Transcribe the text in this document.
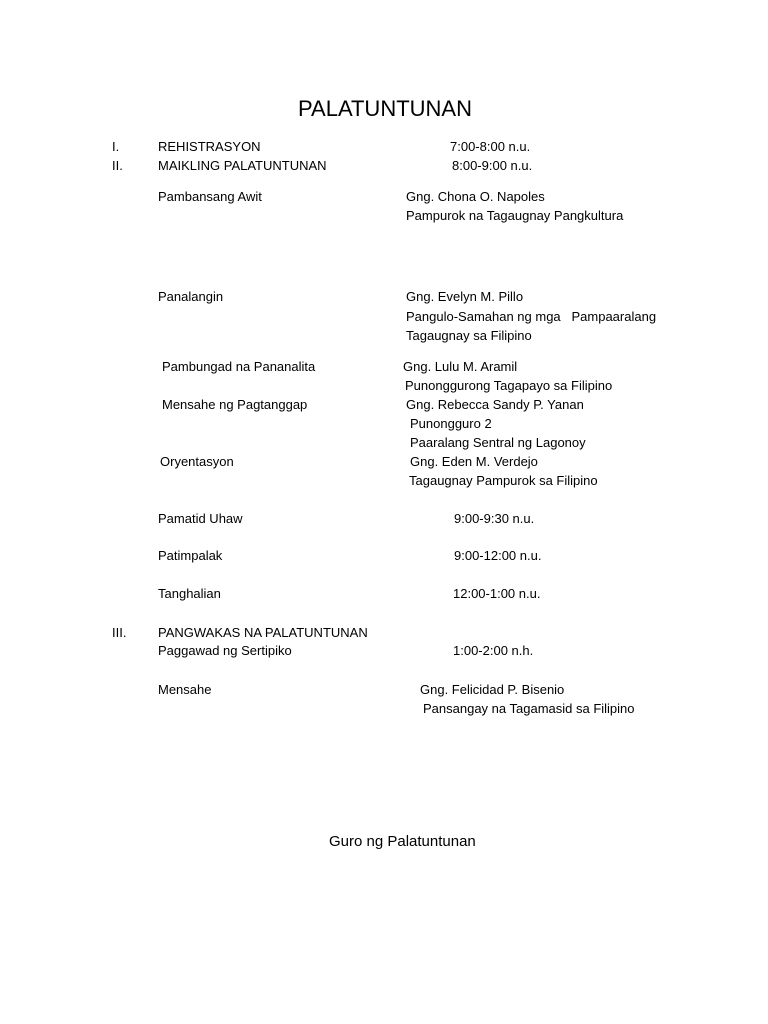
PALATUNTUNAN
I.	REHISTRASYON	7:00-8:00 n.u.
II.	MAIKLING PALATUNTUNAN	8:00-9:00 n.u.
Pambansang Awit	Gng. Chona O. Napoles
Pampurok na Tagaugnay Pangkultura
Panalangin	Gng. Evelyn M. Pillo
Pangulo-Samahan ng mga   Pampaaralang
Tagaugnay sa Filipino
Pambungad na Pananalita	Gng. Lulu M. Aramil
Punonggurong Tagapayo sa Filipino
Mensahe ng Pagtanggap	Gng. Rebecca Sandy P. Yanan
Punongguro 2
Paaralang Sentral ng Lagonoy
Oryentasyon	Gng. Eden M. Verdejo
Tagaugnay Pampurok sa Filipino
Pamatid Uhaw	9:00-9:30 n.u.
Patimpalak	9:00-12:00 n.u.
Tanghalian	12:00-1:00 n.u.
III. PANGWAKAS NA PALATUNTUNAN
Paggawad ng Sertipiko	1:00-2:00 n.h.
Mensahe	Gng. Felicidad P. Bisenio
Pansangay na Tagamasid sa Filipino
Guro ng Palatuntunan
